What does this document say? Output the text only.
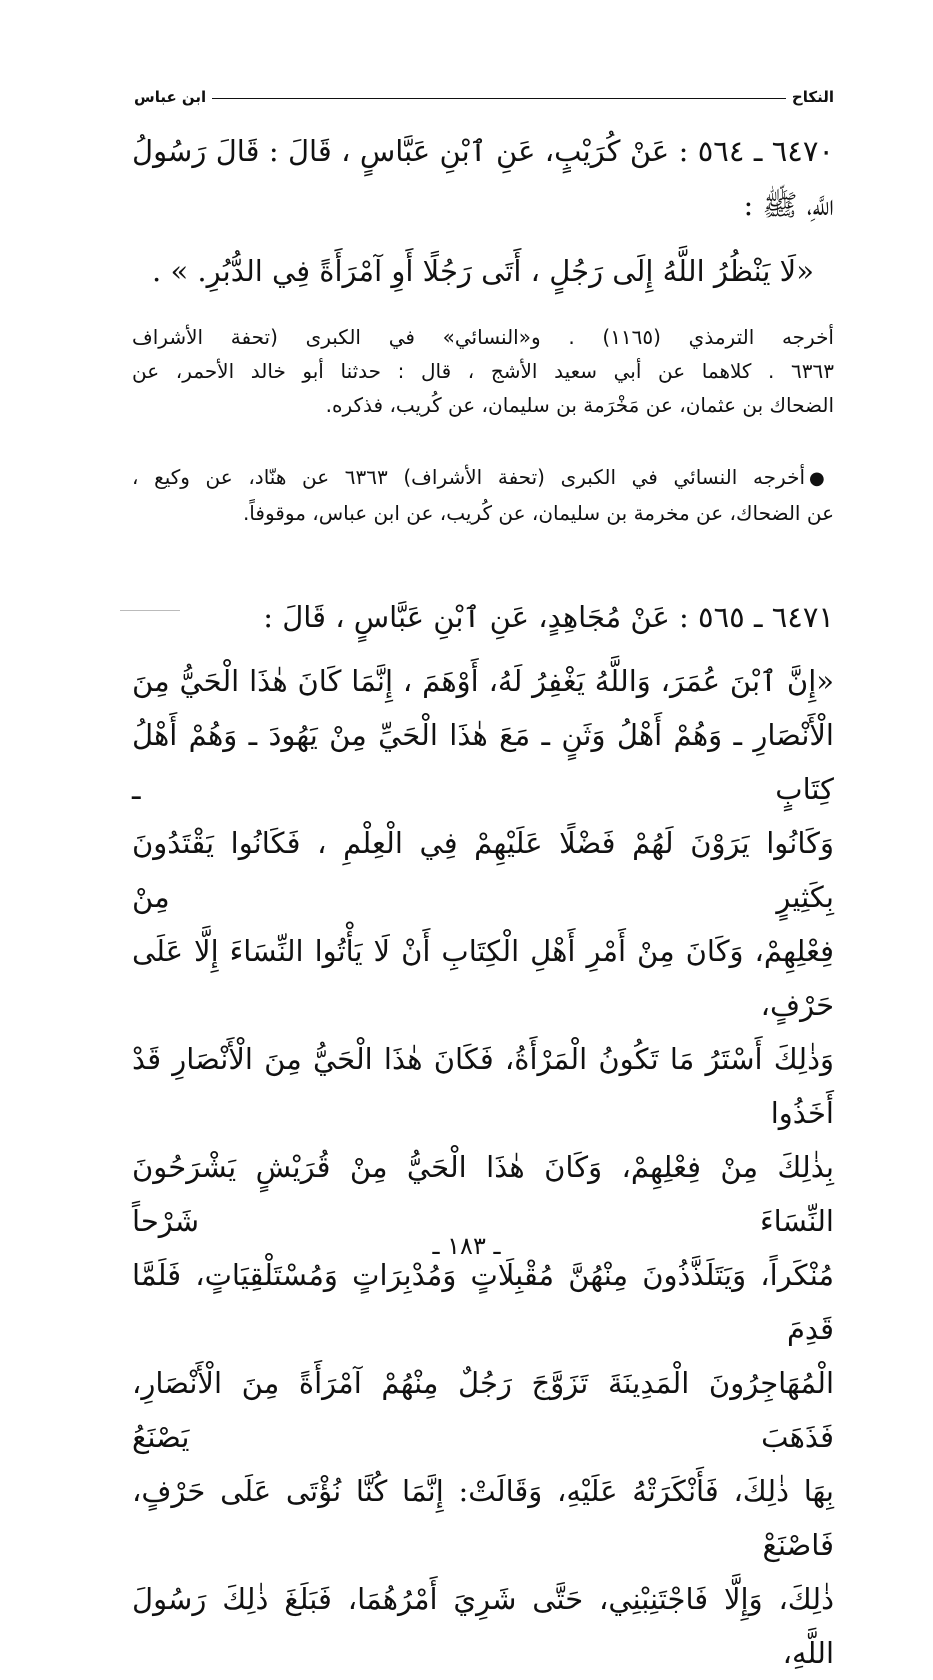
النكاح
ابن عباس
٦٤٧٠ ـ ٥٦٤ : عَنْ كُرَيْبٍ، عَنِ ٱبْنِ عَبَّاسٍ ، قَالَ : قَالَ رَسُولُ
اللَّهِ، ﷺ :
«لَا يَنْظُرُ اللَّهُ إِلَى رَجُلٍ ، أَتَى رَجُلًا أَوِ آمْرَأَةً فِي الدُّبُرِ. » .
أخرجه الترمذي (١١٦٥) . و«النسائي» في الكبرى (تحفة الأشراف
٦٣٦٣ . كلاهما عن أبي سعيد الأشج ، قال : حدثنا أبو خالد الأحمر، عن
الضحاك بن عثمان، عن مَخْرَمة بن سليمان، عن كُريب، فذكره.
● أخرجه النسائي في الكبرى (تحفة الأشراف) ٦٣٦٣ عن هنّاد، عن وكيع ،
عن الضحاك، عن مخرمة بن سليمان، عن كُريب، عن ابن عباس، موقوفاً.
٦٤٧١ ـ ٥٦٥ : عَنْ مُجَاهِدٍ، عَنِ ٱبْنِ عَبَّاسٍ ، قَالَ :
«إِنَّ ٱبْنَ عُمَرَ، وَاللَّهُ يَغْفِرُ لَهُ، أَوْهَمَ ، إِنَّمَا كَانَ هٰذَا الْحَيُّ مِنَ
الْأَنْصَارِ ـ وَهُمْ أَهْلُ وَثَنٍ ـ مَعَ هٰذَا الْحَيِّ مِنْ يَهُودَ ـ وَهُمْ أَهْلُ كِتَابٍ ـ
وَكَانُوا يَرَوْنَ لَهُمْ فَضْلًا عَلَيْهِمْ فِي الْعِلْمِ ، فَكَانُوا يَقْتَدُونَ بِكَثِيرٍ مِنْ
فِعْلِهِمْ، وَكَانَ مِنْ أَمْرِ أَهْلِ الْكِتَابِ أَنْ لَا يَأْتُوا النِّسَاءَ إِلَّا عَلَى حَرْفٍ،
وَذٰلِكَ أَسْتَرُ مَا تَكُونُ الْمَرْأَةُ، فَكَانَ هٰذَا الْحَيُّ مِنَ الْأَنْصَارِ قَدْ أَخَذُوا
بِذٰلِكَ مِنْ فِعْلِهِمْ، وَكَانَ هٰذَا الْحَيُّ مِنْ قُرَيْشٍ يَشْرَحُونَ النِّسَاءَ شَرْحاً
مُنْكَراً، وَيَتَلَذَّذُونَ مِنْهُنَّ مُقْبِلَاتٍ وَمُدْبِرَاتٍ وَمُسْتَلْقِيَاتٍ، فَلَمَّا قَدِمَ
الْمُهَاجِرُونَ الْمَدِينَةَ تَزَوَّجَ رَجُلٌ مِنْهُمْ آمْرَأَةً مِنَ الْأَنْصَارِ، فَذَهَبَ يَصْنَعُ
بِهَا ذٰلِكَ، فَأَنْكَرَتْهُ عَلَيْهِ، وَقَالَتْ: إِنَّمَا كُنَّا نُؤْتَى عَلَى حَرْفٍ، فَاصْنَعْ
ذٰلِكَ، وَإِلَّا فَاجْتَنِبْنِي، حَتَّى شَرِيَ أَمْرُهُمَا، فَبَلَغَ ذٰلِكَ رَسُولَ اللَّهِ،
ـ ١٨٣ ـ
